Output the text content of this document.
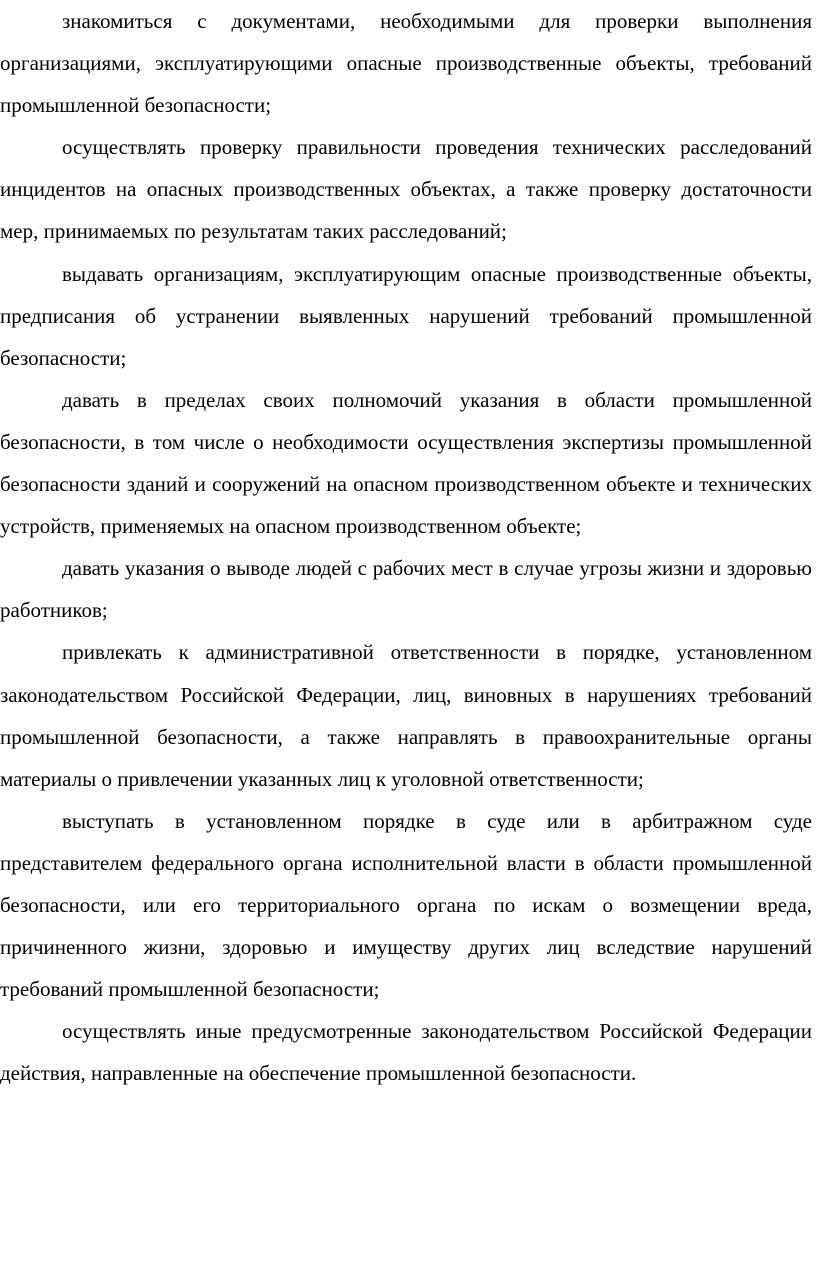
знакомиться с документами, необходимыми для проверки выполнения организациями, эксплуатирующими опасные производственные объекты, требований промышленной безопасности;

осуществлять проверку правильности проведения технических расследований инцидентов на опасных производственных объектах, а также проверку достаточности мер, принимаемых по результатам таких расследований;

выдавать организациям, эксплуатирующим опасные производственные объекты, предписания об устранении выявленных нарушений требований промышленной безопасности;

давать в пределах своих полномочий указания в области промышленной безопасности, в том числе о необходимости осуществления экспертизы промышленной безопасности зданий и сооружений на опасном производственном объекте и технических устройств, применяемых на опасном производственном объекте;

давать указания о выводе людей с рабочих мест в случае угрозы жизни и здоровью работников;

привлекать к административной ответственности в порядке, установленном законодательством Российской Федерации, лиц, виновных в нарушениях требований промышленной безопасности, а также направлять в правоохранительные органы материалы о привлечении указанных лиц к уголовной ответственности;

выступать в установленном порядке в суде или в арбитражном суде представителем федерального органа исполнительной власти в области промышленной безопасности, или его территориального органа по искам о возмещении вреда, причиненного жизни, здоровью и имуществу других лиц вследствие нарушений требований промышленной безопасности;

осуществлять иные предусмотренные законодательством Российской Федерации действия, направленные на обеспечение промышленной безопасности.
